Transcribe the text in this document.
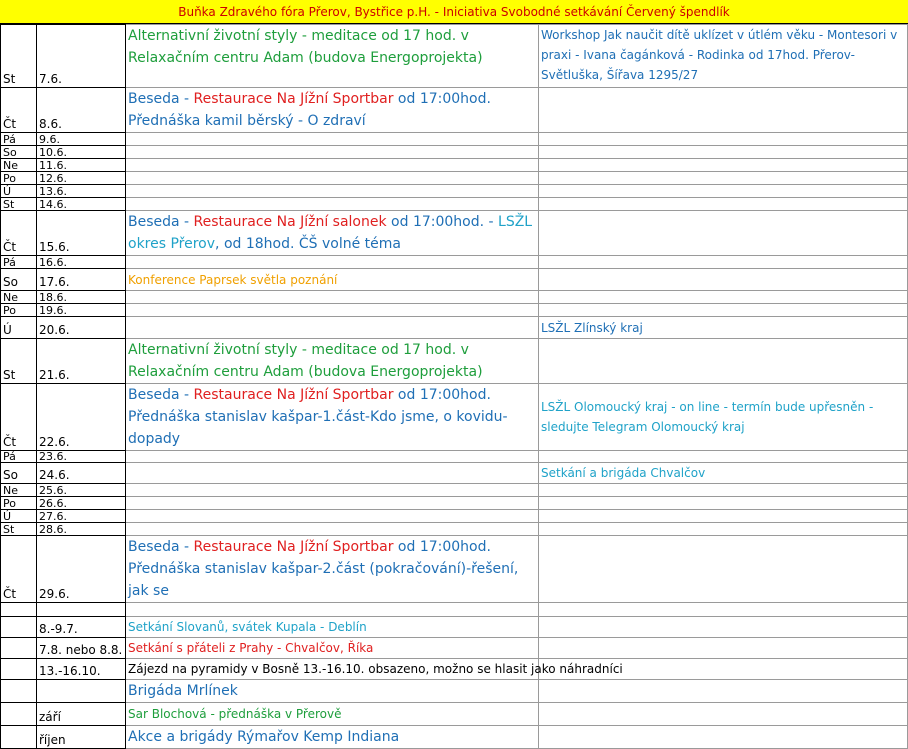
Buňka Zdravého fóra Přerov, Bystřice p.H. - Iniciativa Svobodné setkávání Červený špendlík
St	7.6.	Alternativní životní styly - meditace od 17 hod. v Relaxačním centru Adam (budova Energoprojekta)	Workshop Jak naučit dítě uklízet v útlém věku - Montesori v praxi - Ivana čagánková - Rodinka od 17hod. Přerov-Světluška, Šířava 1295/27
Čt	8.6.	Beseda - Restaurace Na Jížní Sportbar od 17:00hod. Přednáška kamil běrský - O zdraví	
Pá	9.6.		
So	10.6.		
Ne	11.6.		
Po	12.6.		
Ú	13.6.		
St	14.6.		
Čt	15.6.	Beseda - Restaurace Na Jížní salonek od 17:00hod. - LSŽL okres Přerov, od 18hod. ČŠ volné téma	
Pá	16.6.		
So	17.6.	Konference Paprsek světla poznání	
Ne	18.6.		
Po	19.6.		
Ú	20.6.		LSŽL Zlínský kraj
St	21.6.	Alternativní životní styly - meditace od 17 hod. v Relaxačním centru Adam (budova Energoprojekta)	
Čt	22.6.	Beseda - Restaurace Na Jížní Sportbar od 17:00hod. Přednáška stanislav kašpar-1.část-Kdo jsme, o kovidu-dopady	LSŽL Olomoucký kraj - on line - termín bude upřesněn - sledujte Telegram Olomoucký kraj
Pá	23.6.		
So	24.6.		Setkání a brigáda Chvalčov
Ne	25.6.		
Po	26.6.		
Ú	27.6.		
St	28.6.		
Čt	29.6.	Beseda - Restaurace Na Jížní Sportbar od 17:00hod. Přednáška stanislav kašpar-2.část (pokračování)-řešení, jak se	

	8.-9.7.	Setkání Slovanů, svátek Kupala - Deblín	
	7.8. nebo 8.8.	Setkání s přáteli z Prahy - Chvalčov, Říka	
	13.-16.10.	Zájezd na pyramidy v Bosně 13.-16.10. obsazeno, možno se hlasit jako náhradníci	
		Brigáda Mrlínek	
	září	Sar Blochová - přednáška v Přerově	
	říjen	Akce a brigády Rýmařov Kemp Indiana	
